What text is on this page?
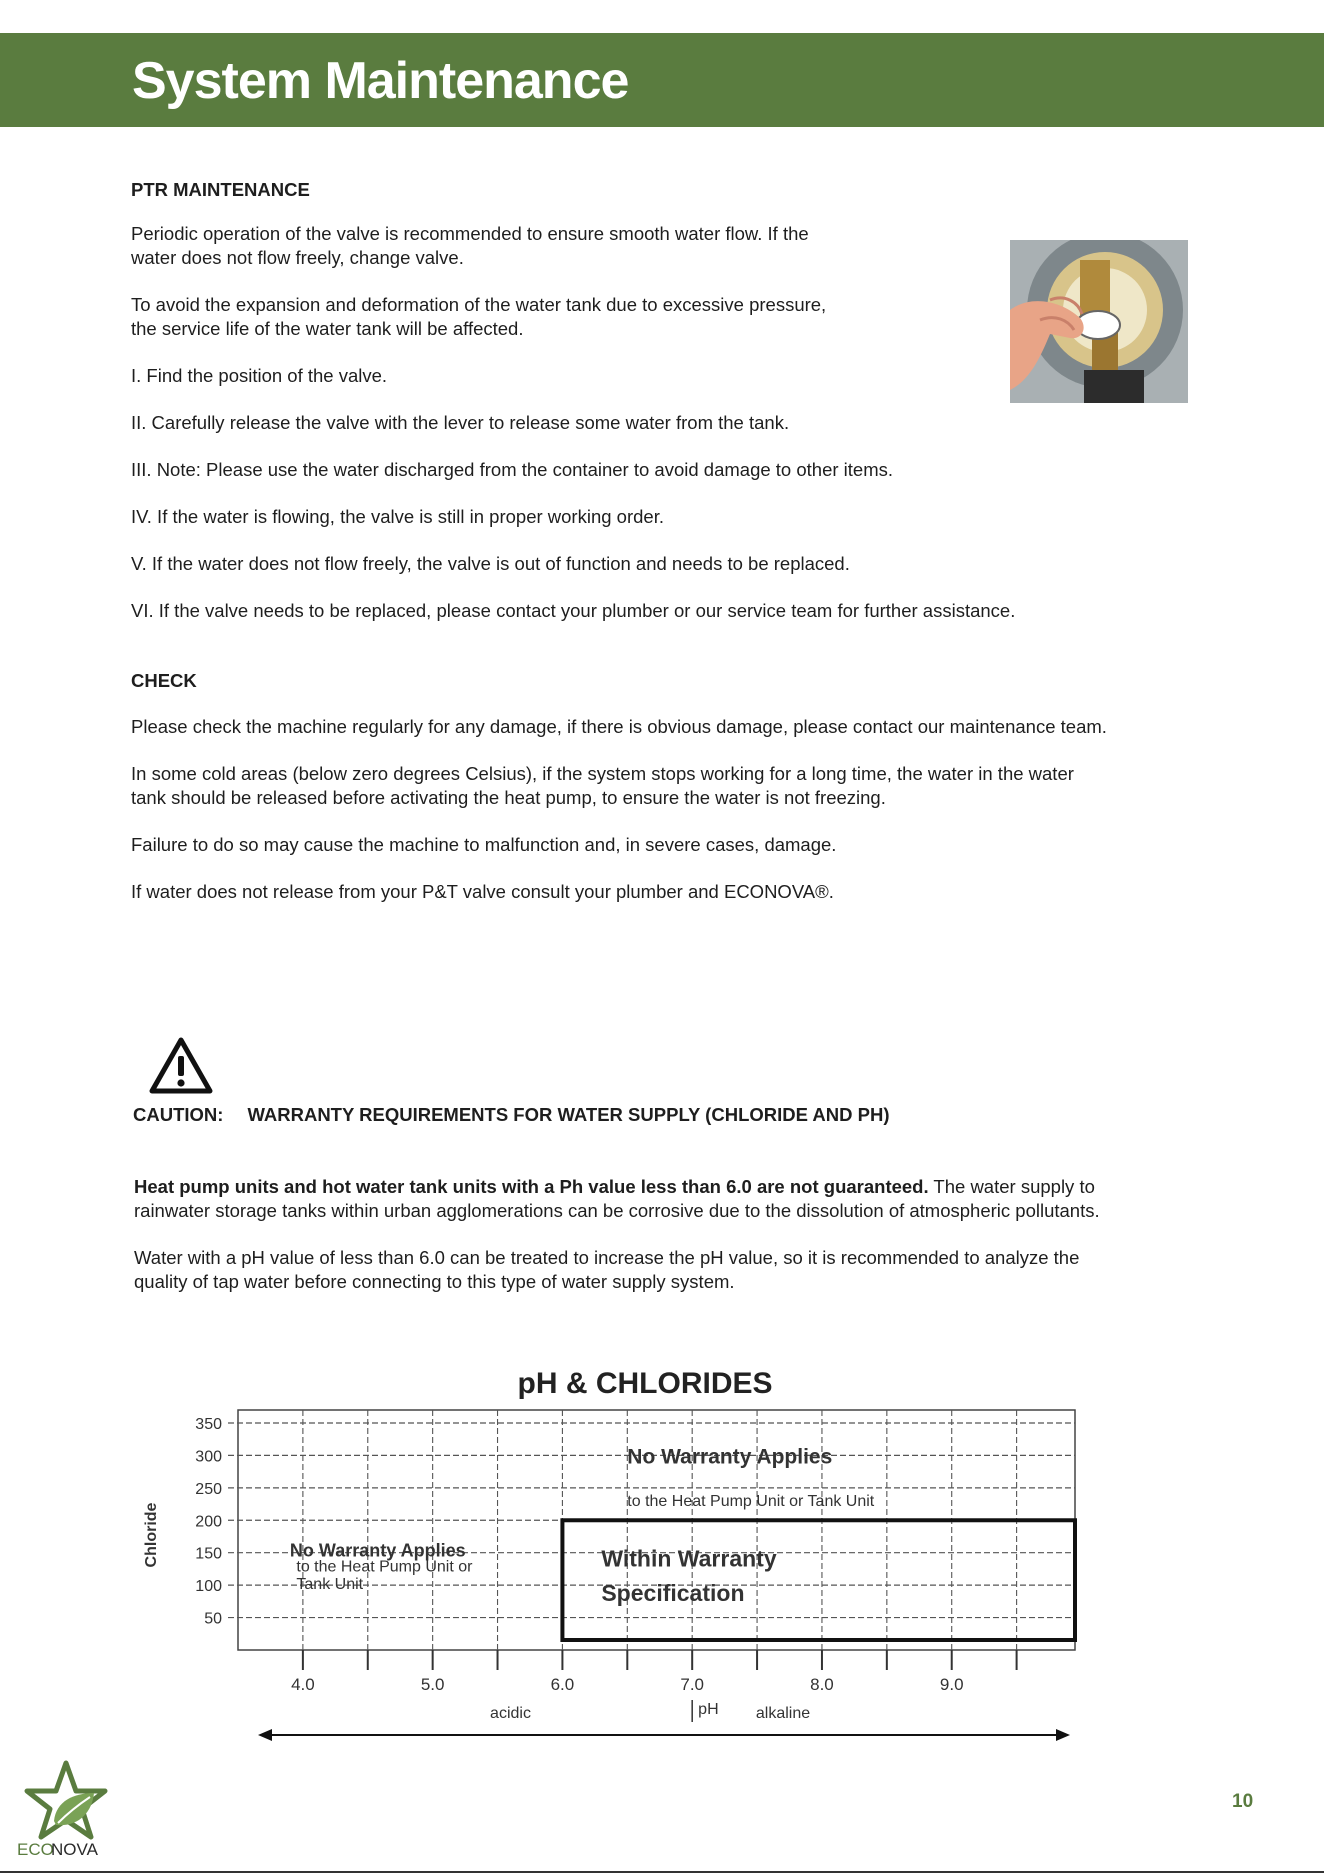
System Maintenance

PTR MAINTENANCE

Periodic operation of the valve is recommended to ensure smooth water flow. If the

water does not flow freely, change valve.

To avoid the expansion and deformation of the water tank due to excessive pressure,

the service life of the water tank will be affected.

I. Find the position of the valve.

II. Carefully release the valve with the lever to release some water from the tank.

III. Note: Please use the water discharged from the container to avoid damage to other items.

IV. If the water is flowing, the valve is still in proper working order.

V. If the water does not flow freely, the valve is out of function and needs to be replaced.

VI. If the valve needs to be replaced, please contact your plumber or our service team for further assistance.

CHECK

Please check the machine regularly for any damage, if there is obvious damage, please contact our maintenance team.

In some cold areas (below zero degrees Celsius), if the system stops working for a long time, the water in the water

tank should be released before activating the heat pump, to ensure the water is not freezing.

Failure to do so may cause the machine to malfunction and, in severe cases, damage.

If water does not release from your P&T valve consult your plumber and ECONOVA®.

CAUTION: WARRANTY REQUIREMENTS FOR WATER SUPPLY (CHLORIDE AND PH)

Heat pump units and hot water tank units with a Ph value less than 6.0 are not guaranteed. The water supply to

rainwater storage tanks within urban agglomerations can be corrosive due to the dissolution of atmospheric pollutants.

Water with a pH value of less than 6.0 can be treated to increase the pH value, so it is recommended to analyze the

quality of tap water before connecting to this type of water supply system.

pH & CHLORIDES
Chloride
350
300
250
200
150
100
50
4.0	5.0	6.0	7.0	8.0	9.0
No Warranty Applies
to the Heat Pump Unit or Tank Unit
No Warranty Applies
to the Heat Pump Unit or
Tank Unit
Within Warranty
Specification
acidic	alkaline
pH
ECO
NOVA
10
